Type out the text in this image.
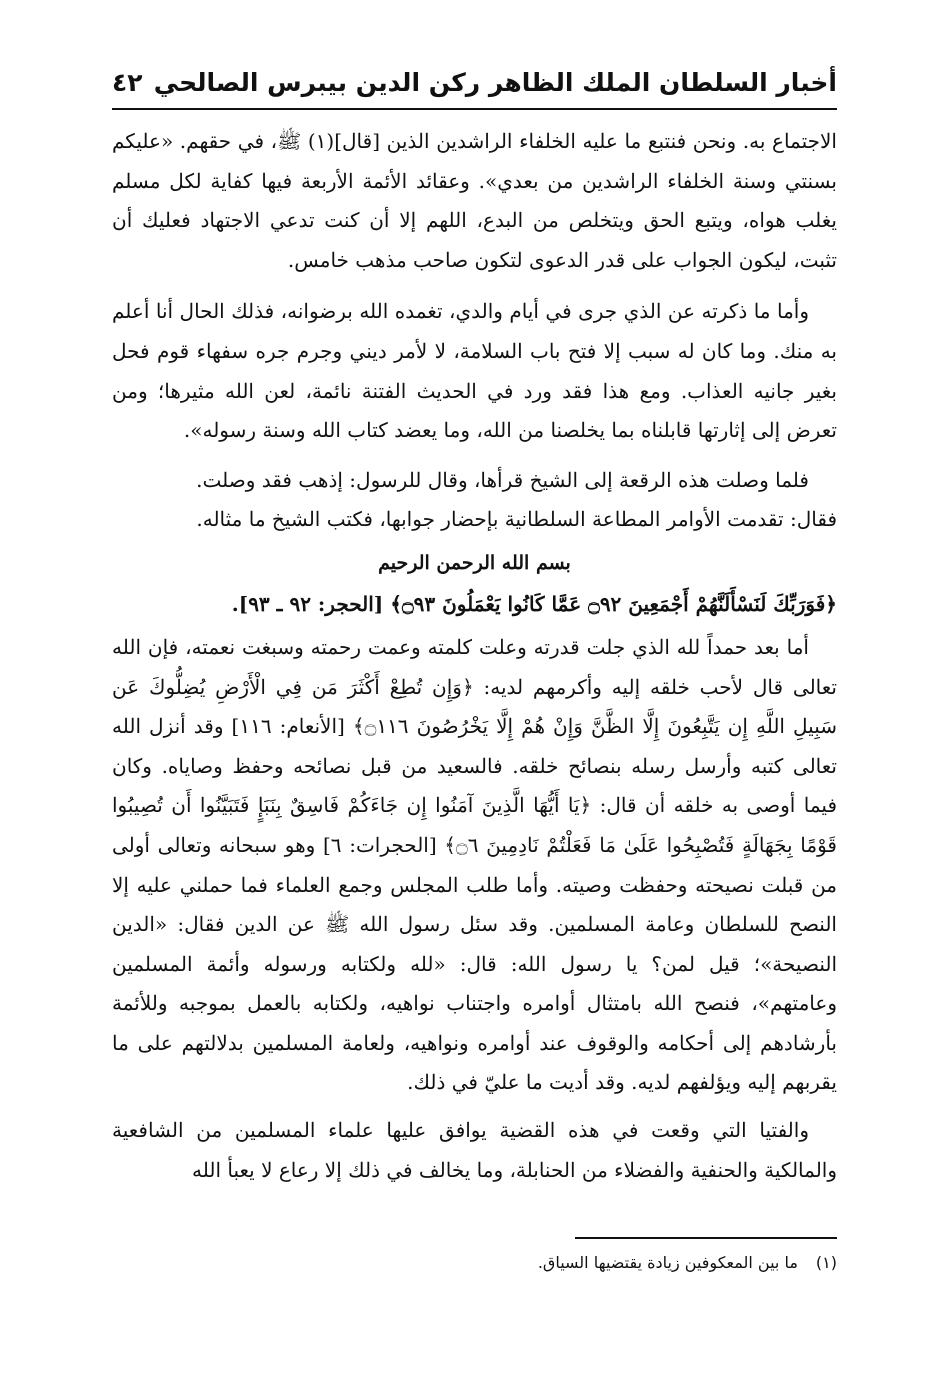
أخبار السلطان الملك الظاهر ركن الدين بيبرس الصالحي
٤٢

الاجتماع به. ونحن فنتبع ما عليه الخلفاء الراشدين الذين [قال](١) ﷺ، في حقهم. «عليكم بسنتي وسنة الخلفاء الراشدين من بعدي». وعقائد الأئمة الأربعة فيها كفاية لكل مسلم يغلب هواه، ويتبع الحق ويتخلص من البدع، اللهم إلا أن كنت تدعي الاجتهاد فعليك أن تثبت، ليكون الجواب على قدر الدعوى لتكون صاحب مذهب خامس.

وأما ما ذكرته عن الذي جرى في أيام والدي، تغمده الله برضوانه، فذلك الحال أنا أعلم به منك. وما كان له سبب إلا فتح باب السلامة، لا لأمر ديني وجرم جره سفهاء قوم فحل بغير جانيه العذاب. ومع هذا فقد ورد في الحديث الفتنة نائمة، لعن الله مثيرها؛ ومن تعرض إلى إثارتها قابلناه بما يخلصنا من الله، وما يعضد كتاب الله وسنة رسوله».

فلما وصلت هذه الرقعة إلى الشيخ قرأها، وقال للرسول: إذهب فقد وصلت.

فقال: تقدمت الأوامر المطاعة السلطانية بإحضار جوابها، فكتب الشيخ ما مثاله.

بسم الله الرحمن الرحيم

﴿فَوَرَبِّكَ لَنَسْأَلَنَّهُمْ أَجْمَعِينَ ۝٩٢ عَمَّا كَانُوا يَعْمَلُونَ ۝٩٣﴾ [الحجر: ٩٢ ـ ٩٣].

أما بعد حمداً لله الذي جلت قدرته وعلت كلمته وعمت رحمته وسبغت نعمته، فإن الله تعالى قال لأحب خلقه إليه وأكرمهم لديه: ﴿وَإِن تُطِعْ أَكْثَرَ مَن فِي الْأَرْضِ يُضِلُّوكَ عَن سَبِيلِ اللَّهِ إِن يَتَّبِعُونَ إِلَّا الظَّنَّ وَإِنْ هُمْ إِلَّا يَخْرُصُونَ ۝١١٦﴾ [الأنعام: ١١٦] وقد أنزل الله تعالى كتبه وأرسل رسله بنصائح خلقه. فالسعيد من قبل نصائحه وحفظ وصاياه. وكان فيما أوصى به خلقه أن قال: ﴿يَا أَيُّهَا الَّذِينَ آمَنُوا إِن جَاءَكُمْ فَاسِقٌ بِنَبَإٍ فَتَبَيَّنُوا أَن تُصِيبُوا قَوْمًا بِجَهَالَةٍ فَتُصْبِحُوا عَلَىٰ مَا فَعَلْتُمْ نَادِمِينَ ۝٦﴾ [الحجرات: ٦] وهو سبحانه وتعالى أولى من قبلت نصيحته وحفظت وصيته. وأما طلب المجلس وجمع العلماء فما حملني عليه إلا النصح للسلطان وعامة المسلمين. وقد سئل رسول الله ﷺ عن الدين فقال: «الدين النصيحة»؛ قيل لمن؟ يا رسول الله: قال: «لله ولكتابه ورسوله وأئمة المسلمين وعامتهم»، فنصح الله بامتثال أوامره واجتناب نواهيه، ولكتابه بالعمل بموجبه وللأئمة بأرشادهم إلى أحكامه والوقوف عند أوامره ونواهيه، ولعامة المسلمين بدلالتهم على ما يقربهم إليه ويؤلفهم لديه. وقد أديت ما عليّ في ذلك.

والفتيا التي وقعت في هذه القضية يوافق عليها علماء المسلمين من الشافعية والمالكية والحنفية والفضلاء من الحنابلة، وما يخالف في ذلك إلا رعاع لا يعبأ الله

(١)ما بين المعكوفين زيادة يقتضيها السياق.
